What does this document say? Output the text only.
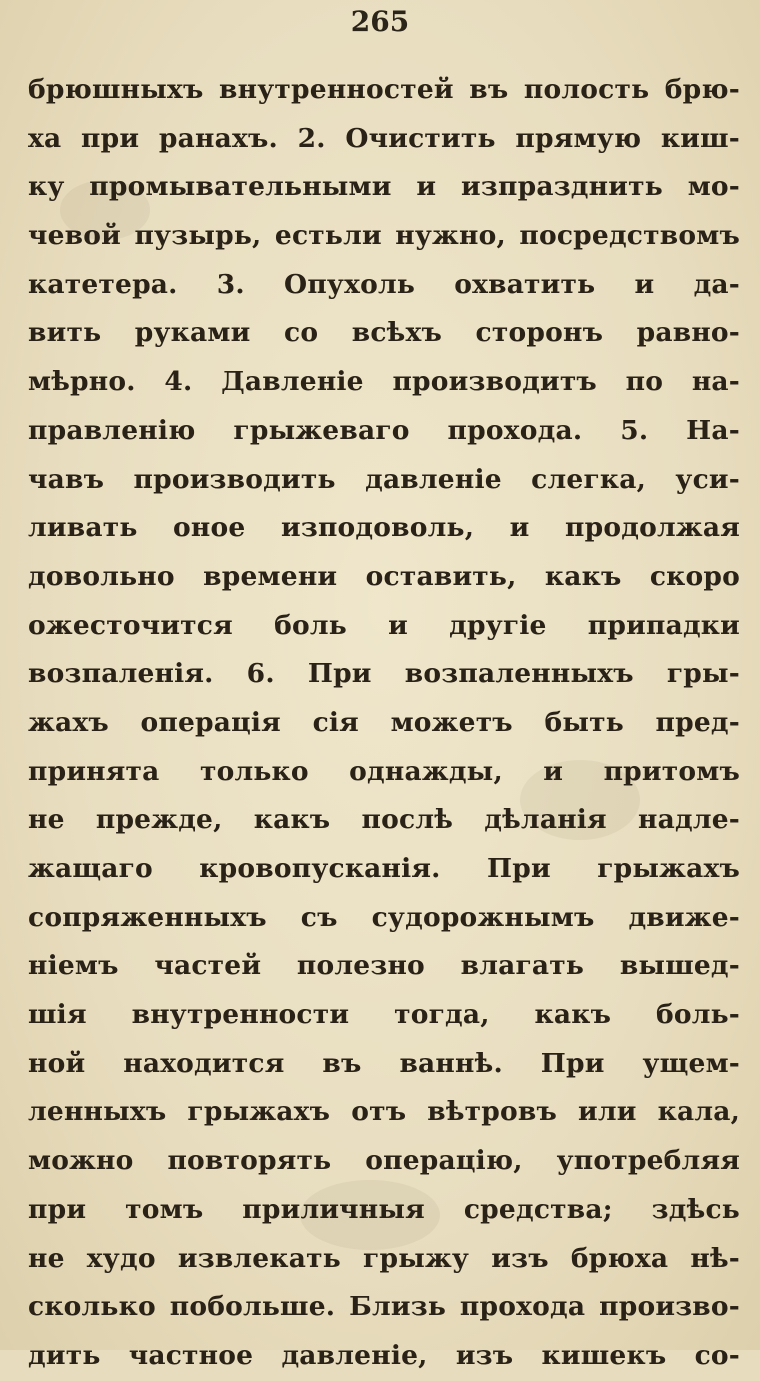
265
брюшныхъ внутренностей въ полость брю-
ха при ранахъ. 2. Очистить прямую киш-
ку промывательными и изпразднить мо-
чевой пузырь, естьли нужно, посредствомъ
катетера. 3. Опухоль охватить и да-
вить руками со всѣхъ сторонъ равно-
мѣрно. 4. Давленіе производитъ по на-
правленію грыжеваго прохода. 5. На-
чавъ производить давленіе слегка, уси-
ливать оное изподоволь, и продолжая
довольно времени оставить, какъ скоро
ожесточится боль и другіе припадки
возпаленія. 6. При возпаленныхъ гры-
жахъ операція сія можетъ быть пред-
принята только однажды, и притомъ
не прежде, какъ послѣ дѣланія надле-
жащаго кровопусканія. При грыжахъ
сопряженныхъ съ судорожнымъ движе-
ніемъ частей полезно влагать вышед-
шія внутренности тогда, какъ боль-
ной находится въ ваннѣ. При ущем-
ленныхъ грыжахъ отъ вѣтровъ или кала,
можно повторять операцію, употребляя
при томъ приличныя средства; здѣсь
не худо извлекать грыжу изъ брюха нѣ-
сколько побольше. Близь прохода произво-
дить частное давленіе, изъ кишекъ со-
